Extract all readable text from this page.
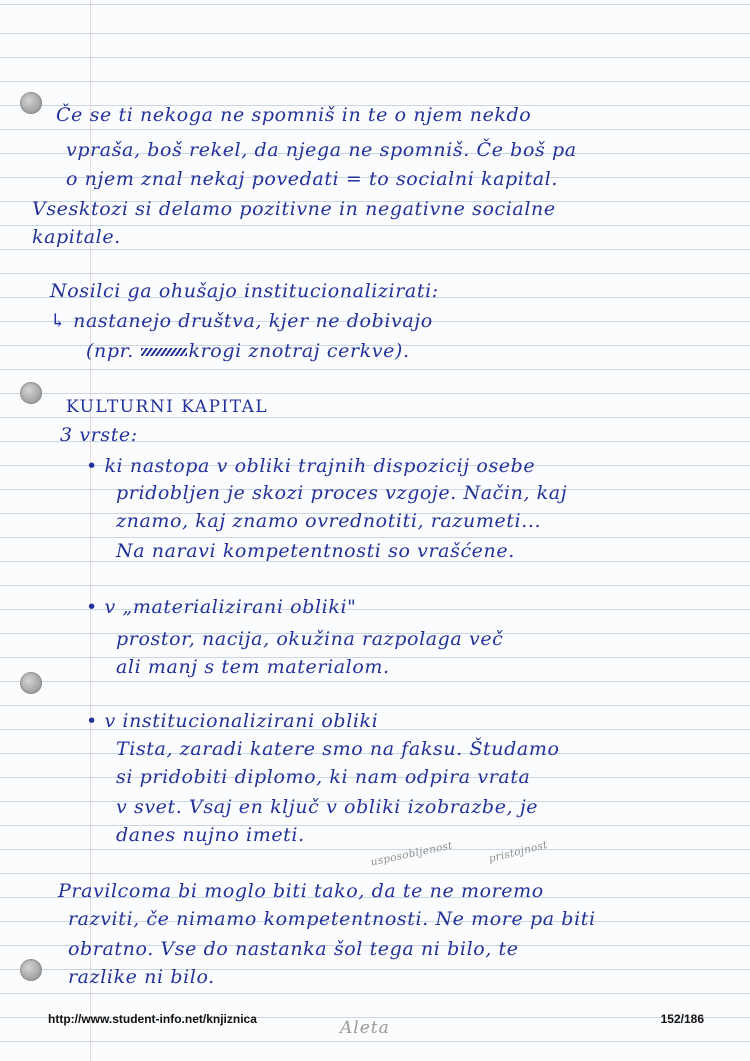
Če se ti nekoga ne spomniš in te o njem nekdo

vpraša, boš rekel, da njega ne spomniš. Če boš pa

o njem znal nekaj povedati = to socialni kapital.

Vsesktozi si delamo pozitivne in negativne socialne

kapitale.

Nosilci ga ohušajo institucionalizirati:

↳ nastanejo društva, kjer ne dobivajo

(npr.	krogi znotraj cerkve).

KULTURNI KAPITAL

3 vrste:

• ki nastopa v obliki trajnih dispozicij osebe

pridobljen je skozi proces vzgoje. Način, kaj

znamo, kaj znamo ovrednotiti, razumeti...

Na naravi kompetentnosti so vrašćene.

• v „materializirani obliki"

prostor, nacija, okužina razpolaga več

ali manj s tem materialom.

• v institucionalizirani obliki

Tista, zaradi katere smo na faksu. Študamo

si pridobiti diplomo, ki nam odpira vrata

v svet. Vsaj en ključ v obliki izobrazbe, je

danes nujno imeti.

usposobljenost	pristojnost

Pravilcoma bi moglo biti tako, da te ne moremo

razviti, če nimamo kompetentnosti. Ne more pa biti

obratno. Vse do nastanka šol tega ni bilo, te

razlike ni bilo.

http://www.student-info.net/knjiznica	Aleta	152/186
